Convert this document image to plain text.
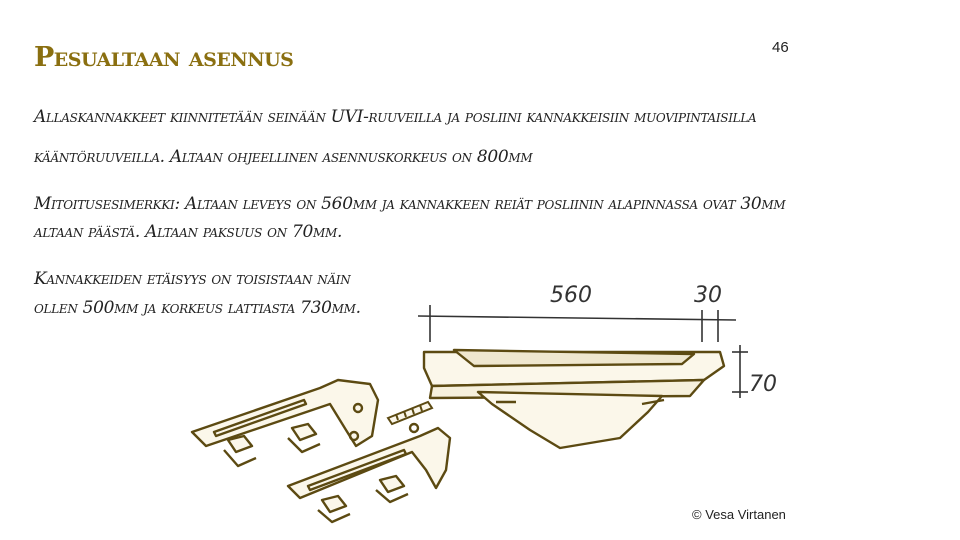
Pesualtaan asennus	46

Allaskannakkeet kiinnitetään seinään UVI-ruuveilla ja posliini kannakkeisiin muovipintaisilla kääntöruuveilla. Altaan ohjeellinen asennuskorkeus on 800mm

Mitoitusesimerkki: Altaan leveys on 560mm ja kannakkeen reiät posliinin alapinnassa ovat 30mm altaan päästä. Altaan paksuus on 70mm.

Kannakkeiden etäisyys on toisistaan näin ollen 500mm ja korkeus lattiasta 730mm.	560	30
70
© Vesa Virtanen
